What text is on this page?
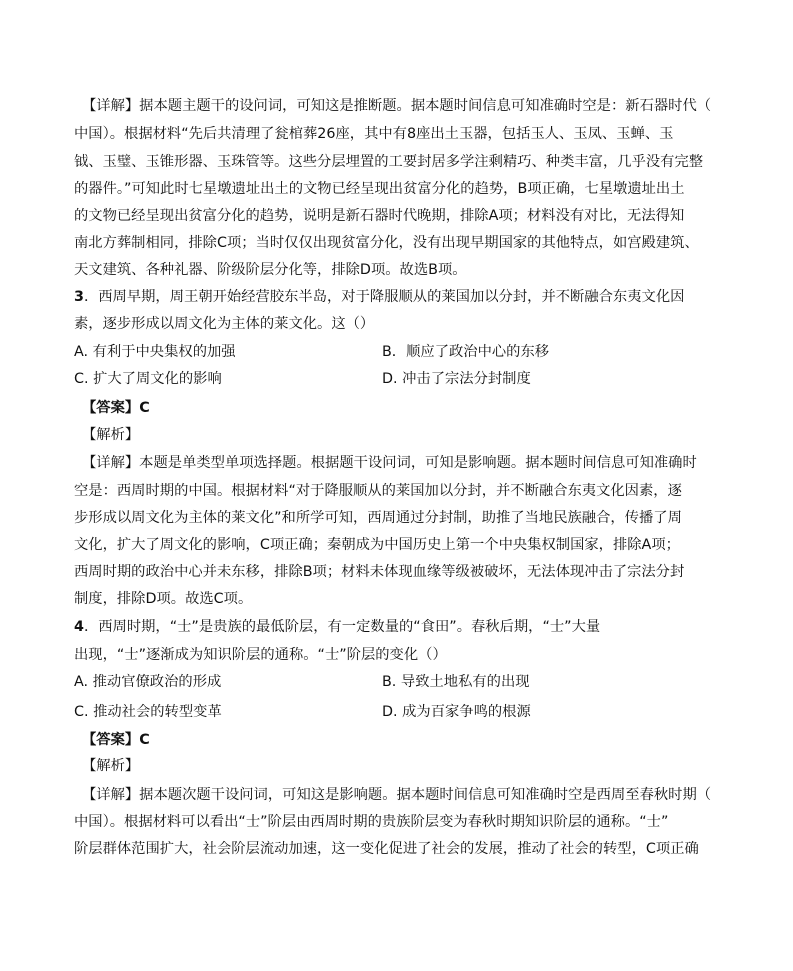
【详解】据本题主题干的设问词，可知这是推断题。据本题时间信息可知准确时空是：新石器时代（
中国）。根据材料“先后共清理了瓮棺葬26座，其中有8座出土玉器，包括玉人、玉凤、玉蝉、玉
钺、玉璧、玉锥形器、玉珠管等。这些分层埋置的工要封居多学注剩精巧、种类丰富，几乎没有完整
的器件。”可知此时七星墩遗址出土的文物已经呈现出贫富分化的趋势，B项正确，七星墩遗址出土
的文物已经呈现出贫富分化的趋势，说明是新石器时代晚期，排除A项；材料没有对比，无法得知
南北方葬制相同，排除C项；当时仅仅出现贫富分化，没有出现早期国家的其他特点，如宫殿建筑、
天文建筑、各种礼器、阶级阶层分化等，排除D项。故选B项。
3．西周早期，周王朝开始经营胶东半岛，对于降服顺从的莱国加以分封，并不断融合东夷文化因
素，逐步形成以周文化为主体的莱文化。这（）
A. 有利于中央集权的加强	B．顺应了政治中心的东移
C. 扩大了周文化的影响	D. 冲击了宗法分封制度
【答案】C
【解析】
【详解】本题是单类型单项选择题。根据题干设问词，可知是影响题。据本题时间信息可知准确时
空是：西周时期的中国。根据材料“对于降服顺从的莱国加以分封，并不断融合东夷文化因素，逐
步形成以周文化为主体的莱文化”和所学可知，西周通过分封制，助推了当地民族融合，传播了周
文化，扩大了周文化的影响，C项正确；秦朝成为中国历史上第一个中央集权制国家，排除A项；
西周时期的政治中心并未东移，排除B项；材料未体现血缘等级被破坏，无法体现冲击了宗法分封
制度，排除D项。故选C项。
4．西周时期，“士”是贵族的最低阶层，有一定数量的“食田”。春秋后期，“士”大量
出现，“士”逐渐成为知识阶层的通称。“士”阶层的变化（）
A. 推动官僚政治的形成	B. 导致土地私有的出现
C. 推动社会的转型变革	D. 成为百家争鸣的根源
【答案】C
【解析】
【详解】据本题次题干设问词，可知这是影响题。据本题时间信息可知准确时空是西周至春秋时期（
中国）。根据材料可以看出“士”阶层由西周时期的贵族阶层变为春秋时期知识阶层的通称。“士”
阶层群体范围扩大，社会阶层流动加速，这一变化促进了社会的发展，推动了社会的转型，C项正确
